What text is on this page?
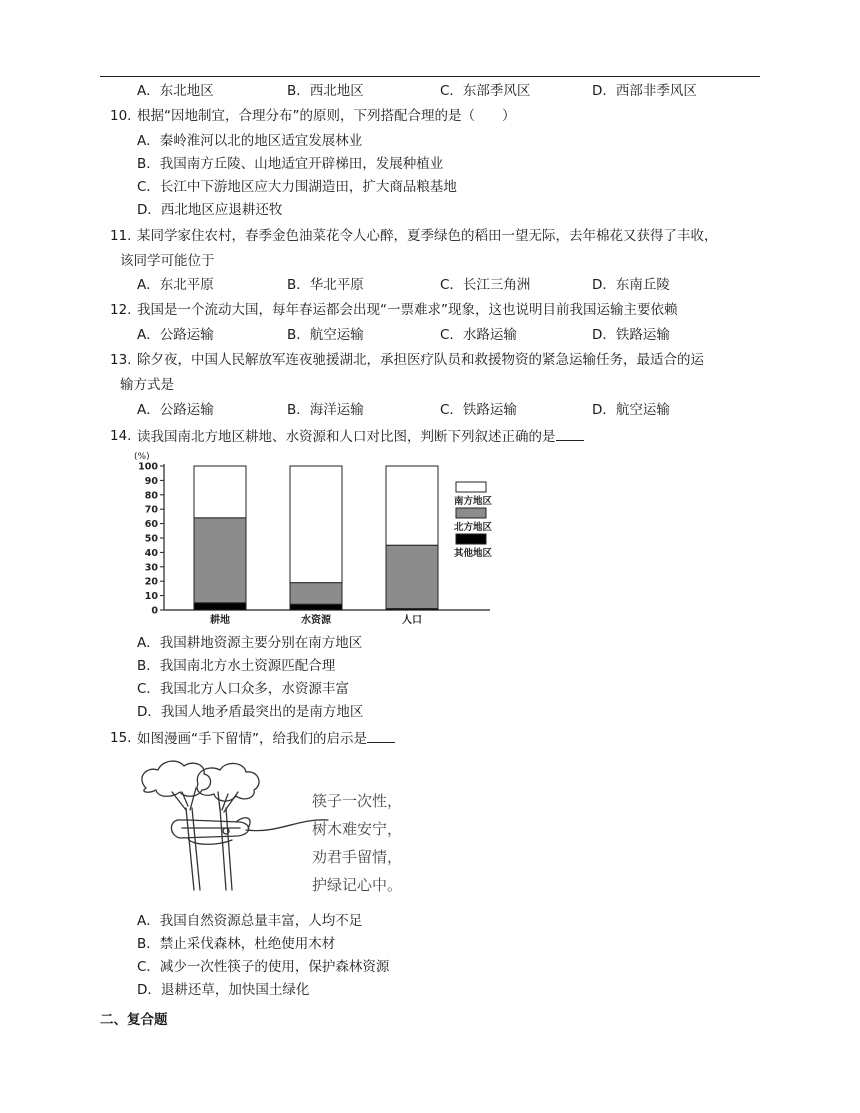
A．东北地区	B．西北地区	C．东部季风区	D．西部非季风区
10. 根据“因地制宜，合理分布”的原则，下列搭配合理的是（　　）
A．秦岭淮河以北的地区适宜发展林业
B．我国南方丘陵、山地适宜开辟梯田，发展种植业
C．长江中下游地区应大力围湖造田，扩大商品粮基地
D．西北地区应退耕还牧
11. 某同学家住农村，春季金色油菜花令人心醉，夏季绿色的稻田一望无际，去年棉花又获得了丰收，
该同学可能位于
A．东北平原	B．华北平原	C．长江三角洲	D．东南丘陵
12. 我国是一个流动大国，每年春运都会出现“一票难求”现象，这也说明目前我国运输主要依赖
A．公路运输	B．航空运输	C．水路运输	D．铁路运输
13. 除夕夜，中国人民解放军连夜驰援湖北，承担医疗队员和救援物资的紧急运输任务，最适合的运
输方式是
A．公路运输	B．海洋运输	C．铁路运输	D．航空运输
14. 读我国南北方地区耕地、水资源和人口对比图，判断下列叙述正确的是
(%)
0
10
20
30
40
50
60
70
80
90
100
耕地	水资源	人口
南方地区
北方地区
其他地区
A．我国耕地资源主要分别在南方地区
B．我国南北方水土资源匹配合理
C．我国北方人口众多，水资源丰富
D．我国人地矛盾最突出的是南方地区
15. 如图漫画“手下留情”，给我们的启示是
筷子一次性，
树木难安宁，
劝君手留情，
护绿记心中。
A．我国自然资源总量丰富，人均不足
B．禁止采伐森林，杜绝使用木材
C．减少一次性筷子的使用，保护森林资源
D．退耕还草，加快国土绿化
二、复合题
